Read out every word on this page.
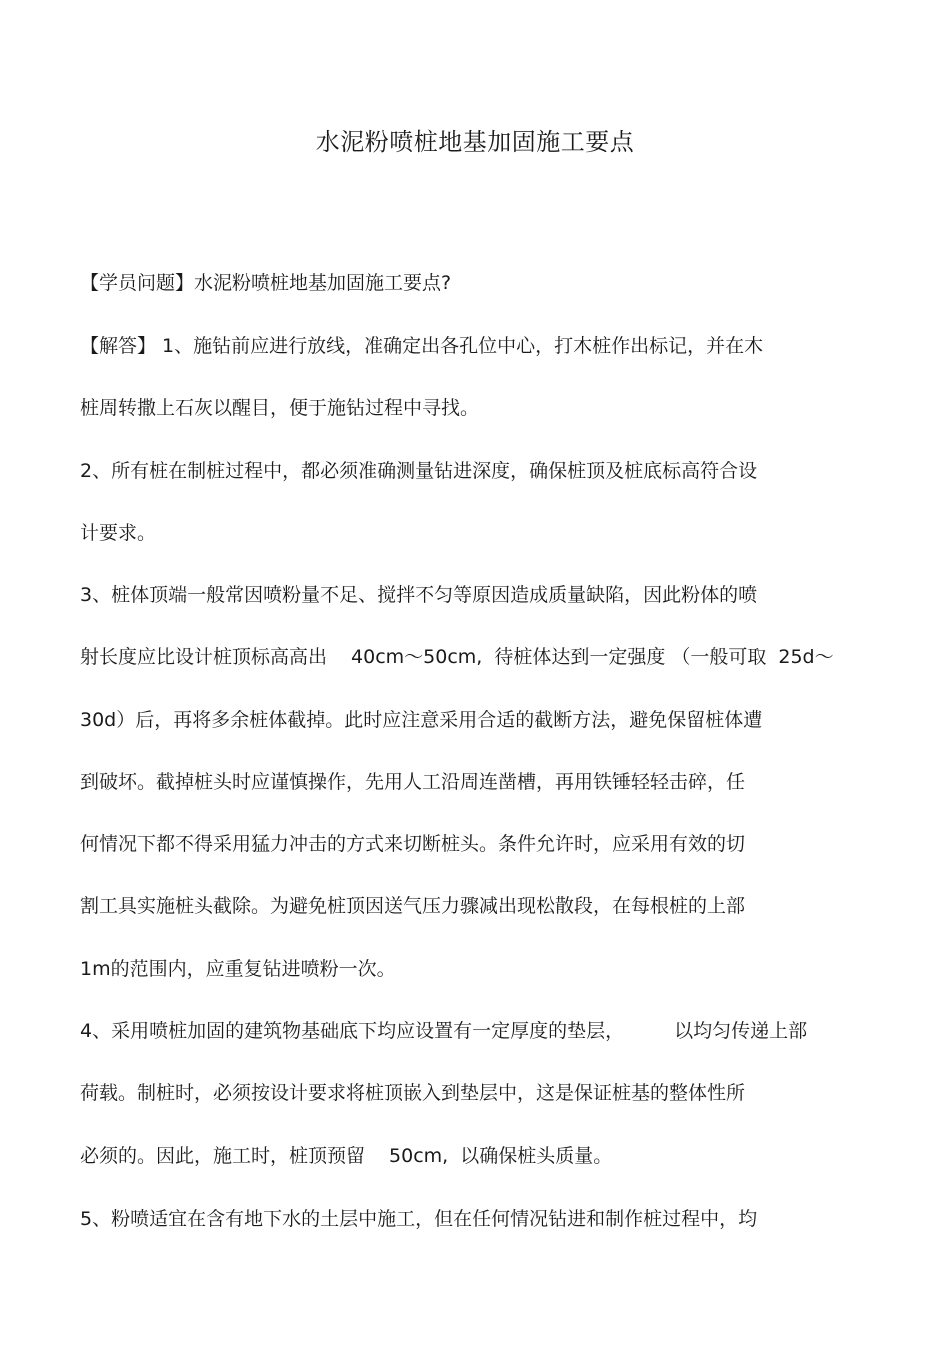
水泥粉喷桩地基加固施工要点
【学员问题】水泥粉喷桩地基加固施工要点?
【解答】 1、施钻前应进行放线，准确定出各孔位中心，打木桩作出标记，并在木
桩周转撒上石灰以醒目，便于施钻过程中寻找。
2、所有桩在制桩过程中，都必须准确测量钻进深度，确保桩顶及桩底标高符合设
计要求。
3、桩体顶端一般常因喷粉量不足、搅拌不匀等原因造成质量缺陷，因此粉体的喷
射长度应比设计桩顶标高高出 40cm～50cm, 待桩体达到一定强度 （一般可取 25d～
30d）后，再将多余桩体截掉。此时应注意采用合适的截断方法，避免保留桩体遭
到破坏。截掉桩头时应谨慎操作，先用人工沿周连凿槽，再用铁锤轻轻击碎，任
何情况下都不得采用猛力冲击的方式来切断桩头。条件允许时，应采用有效的切
割工具实施桩头截除。为避免桩顶因送气压力骤减出现松散段，在每根桩的上部
1m的范围内，应重复钻进喷粉一次。
4、采用喷桩加固的建筑物基础底下均应设置有一定厚度的垫层，	以均匀传递上部
荷载。制桩时，必须按设计要求将桩顶嵌入到垫层中，这是保证桩基的整体性所
必须的。因此，施工时，桩顶预留 50cm, 以确保桩头质量。
5、粉喷适宜在含有地下水的土层中施工，但在任何情况钻进和制作桩过程中，均
